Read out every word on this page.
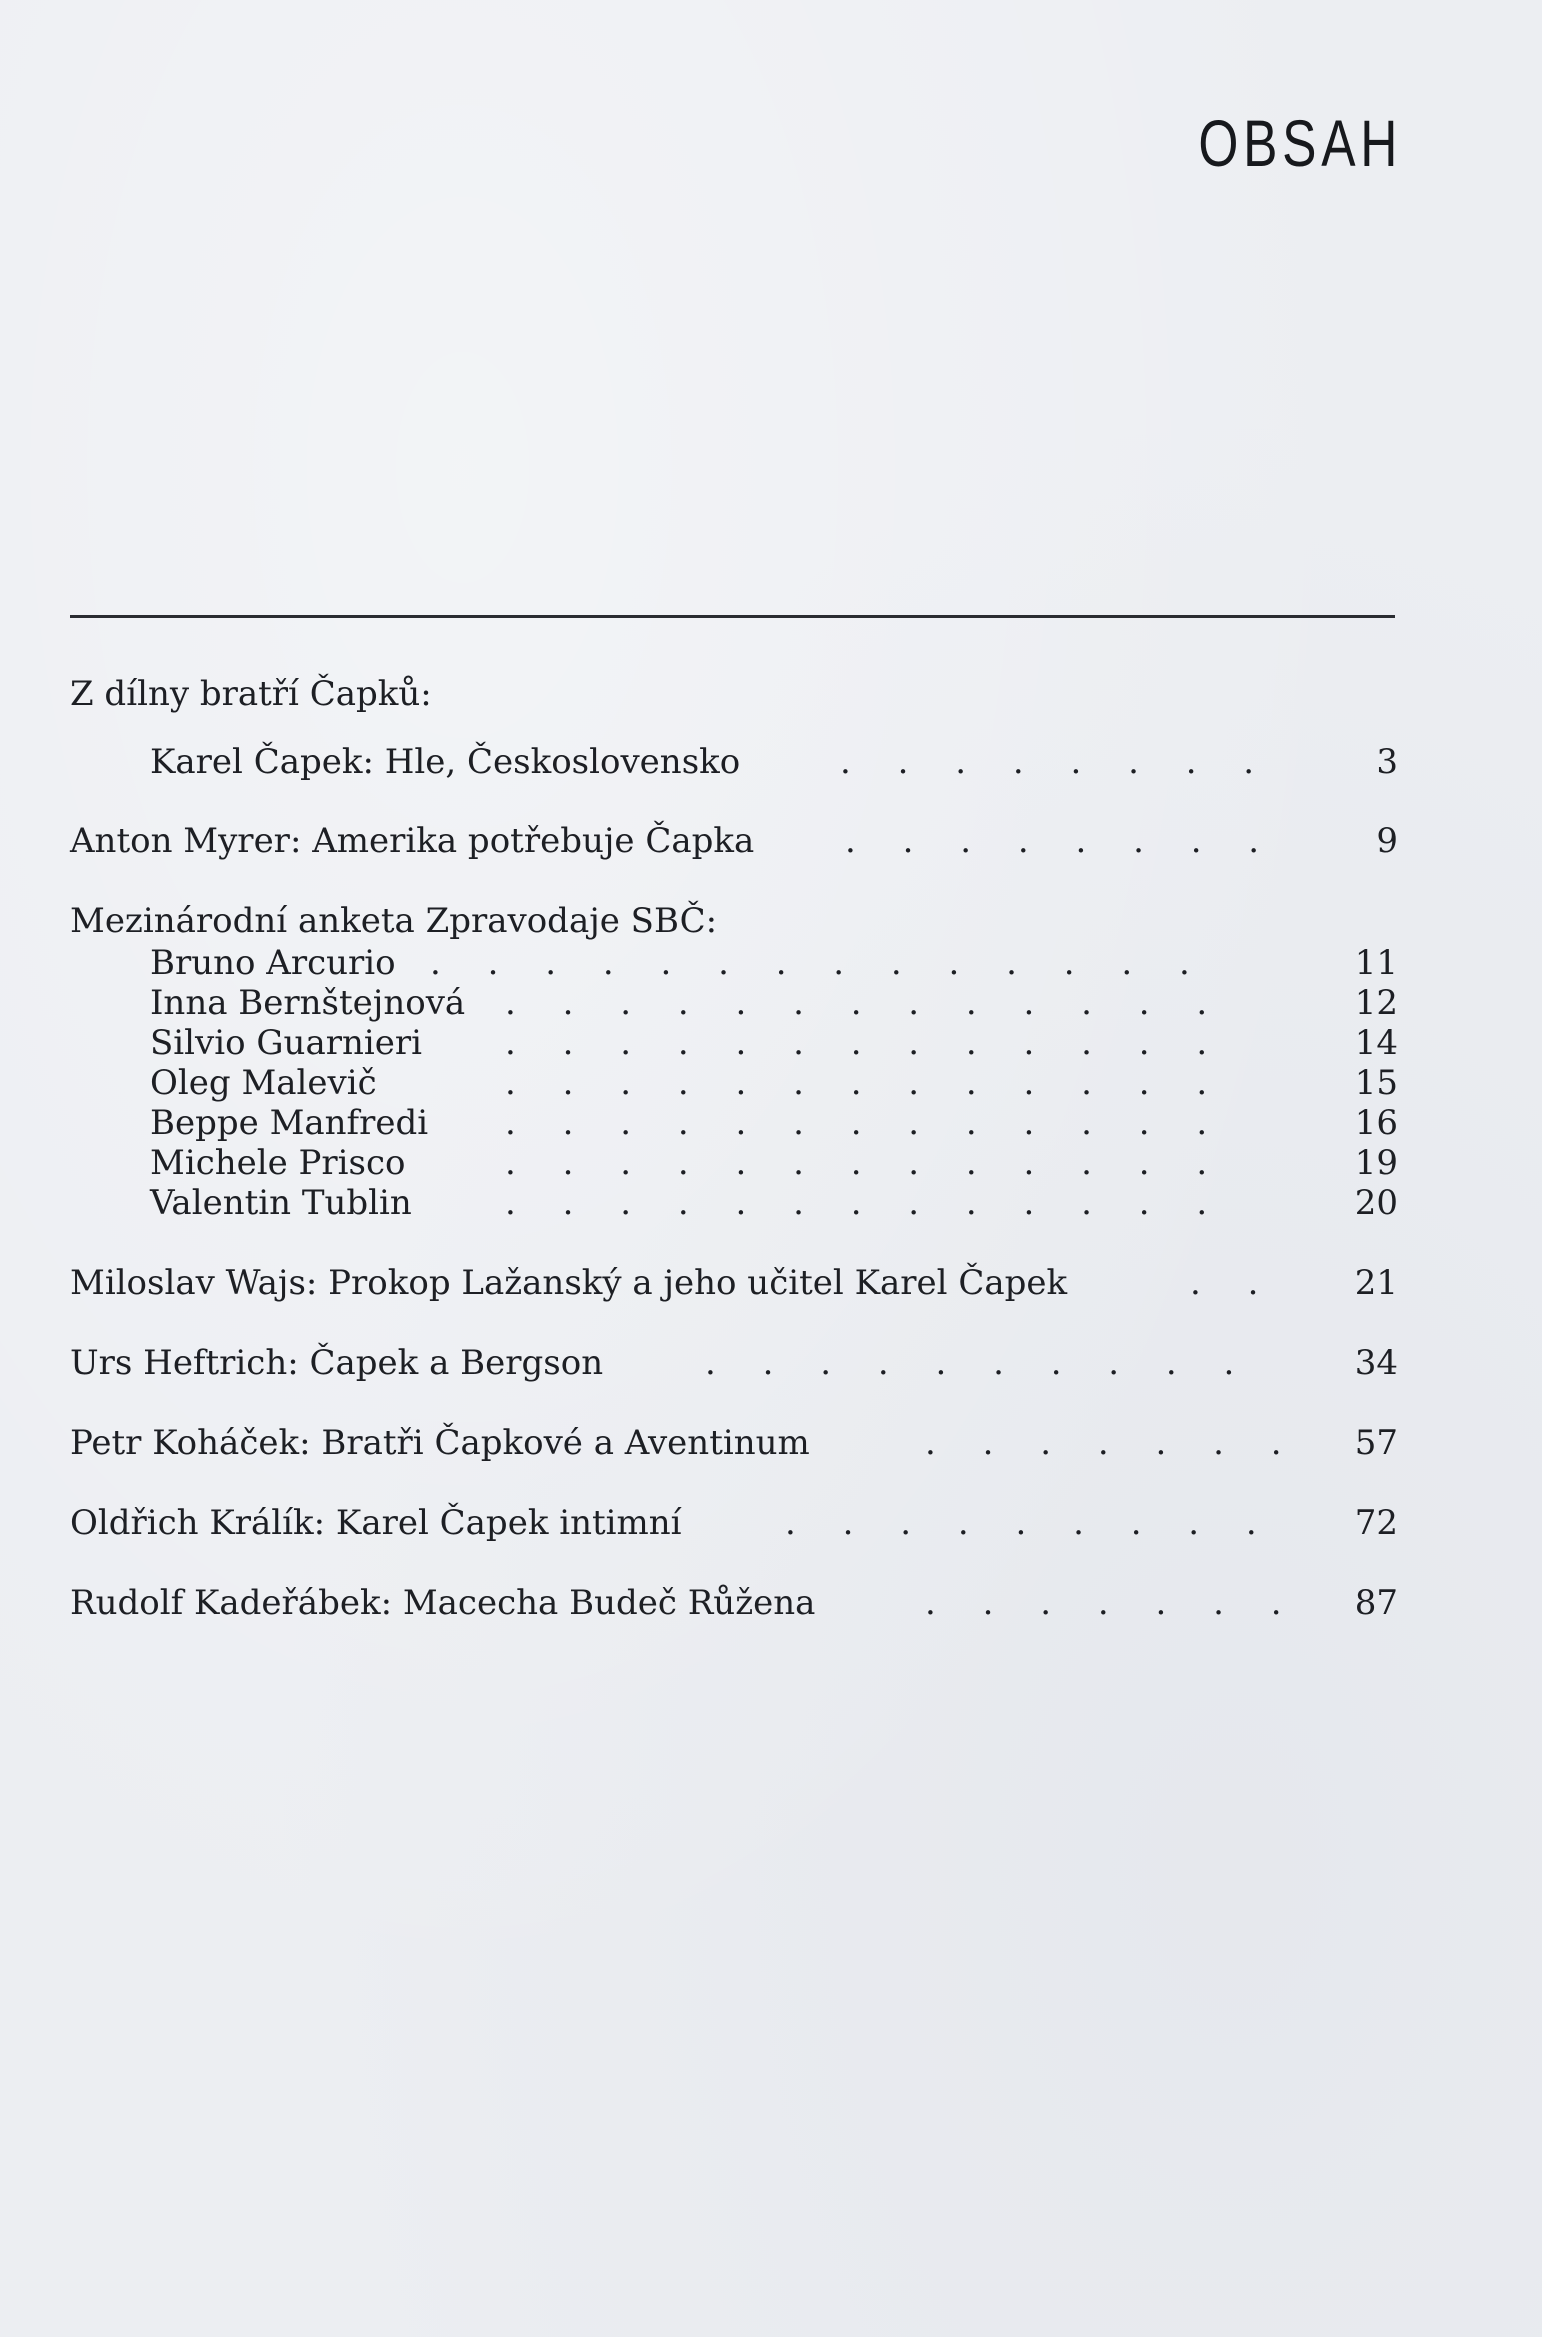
OBSAH
Z dílny bratří Čapků:
Karel Čapek: Hle, Československo	. . . . . . . .	3
Anton Myrer: Amerika potřebuje Čapka	. . . . . . . .	9
Mezinárodní anketa Zpravodaje SBČ:
Bruno Arcurio . . . . . . . . . . . . . .	11
Inna Bernštejnová . . . . . . . . . . . . .	12
Silvio Guarnieri . . . . . . . . . . . . .	14
Oleg Malevič	. . . . . . . . . . . . .	15
Beppe Manfredi . . . . . . . . . . . . .	16
Michele Prisco	. . . . . . . . . . . . .	19
Valentin Tublin	. . . . . . . . . . . . .	20
Miloslav Wajs: Prokop Lažanský a jeho učitel Karel Čapek	. . 21
Urs Heftrich: Čapek a Bergson	. . . . . . . . . .	34
Petr Koháček: Bratři Čapkové a Aventinum	. . . . . . . 57
Oldřich Králík: Karel Čapek intimní	. . . . . . . . . 72
Rudolf Kadeřábek: Macecha Budeč Růžena	. . . . . . . 87
